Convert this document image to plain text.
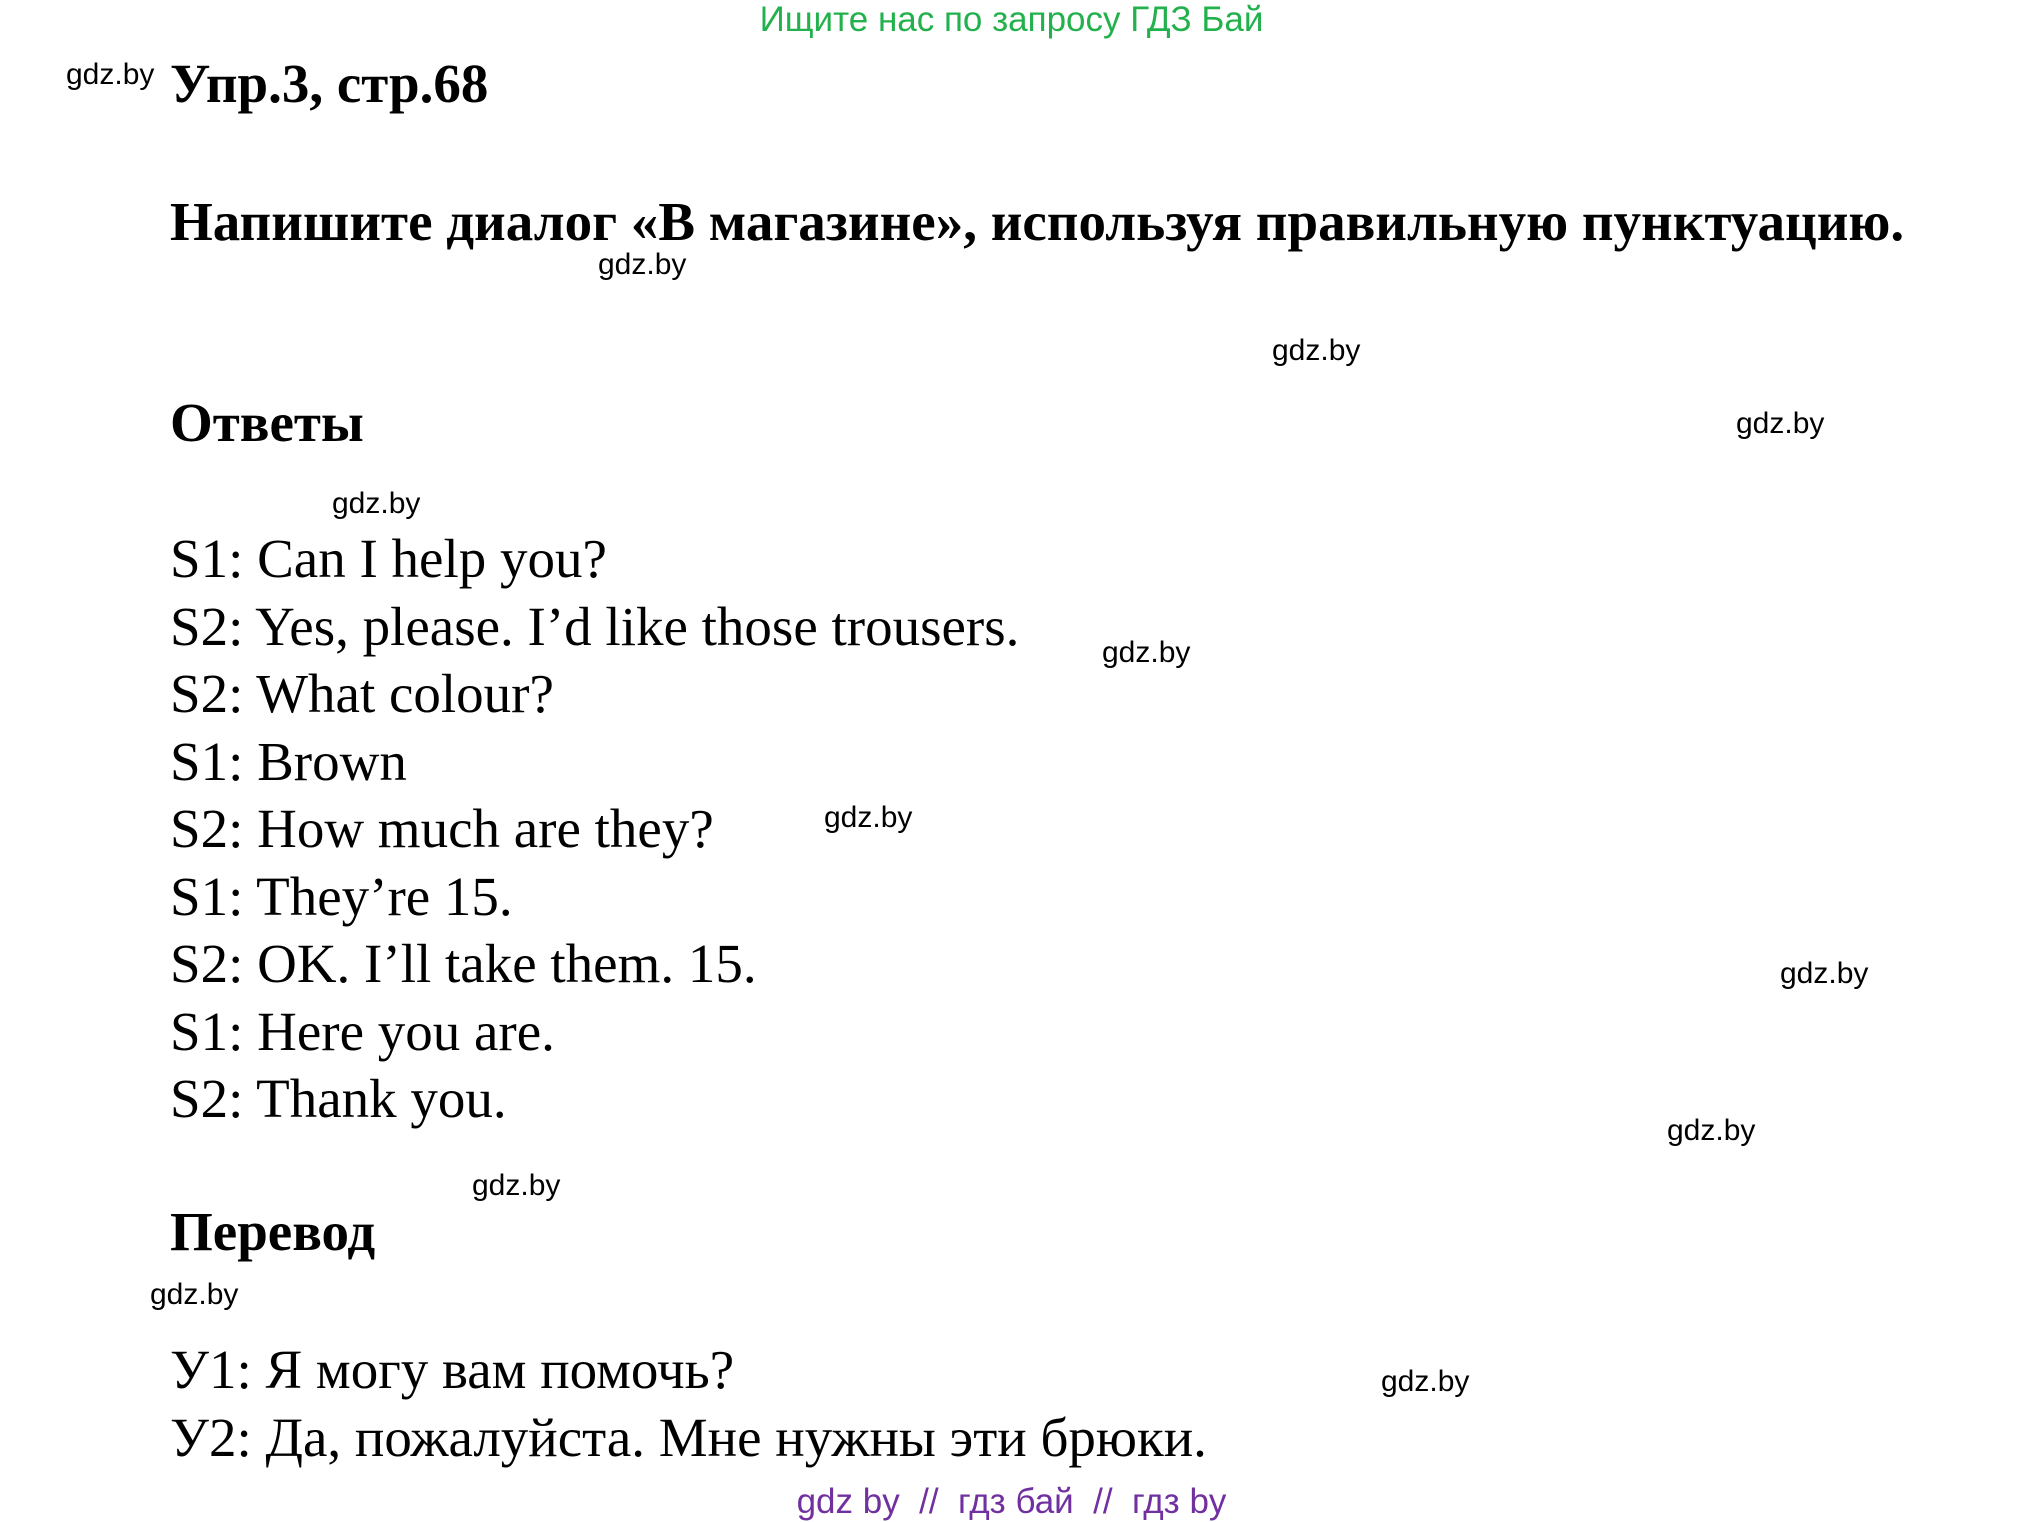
Ищите нас по запросу ГДЗ Бай
gdz.by Упр.3, стр.68
Напишите диалог «В магазине», используя правильную пунктуацию.
gdz.by
gdz.by
Ответы	gdz.by
gdz.by
S1: Can I help you?
S2: Yes, please. I’d like those trousers.
S2: What colour?
S1: Brown
S2: How much are they?
S1: They’re 15.
S2: OK. I’ll take them. 15.
S1: Here you are.
S2: Thank you.
gdz.by
gdz.by
gdz.by
gdz.by
gdz.by
Перевод
gdz.by
У1: Я могу вам помочь?
У2: Да, пожалуйста. Мне нужны эти брюки.
gdz.by
gdz by  //  гдз бай  //  гдз by
